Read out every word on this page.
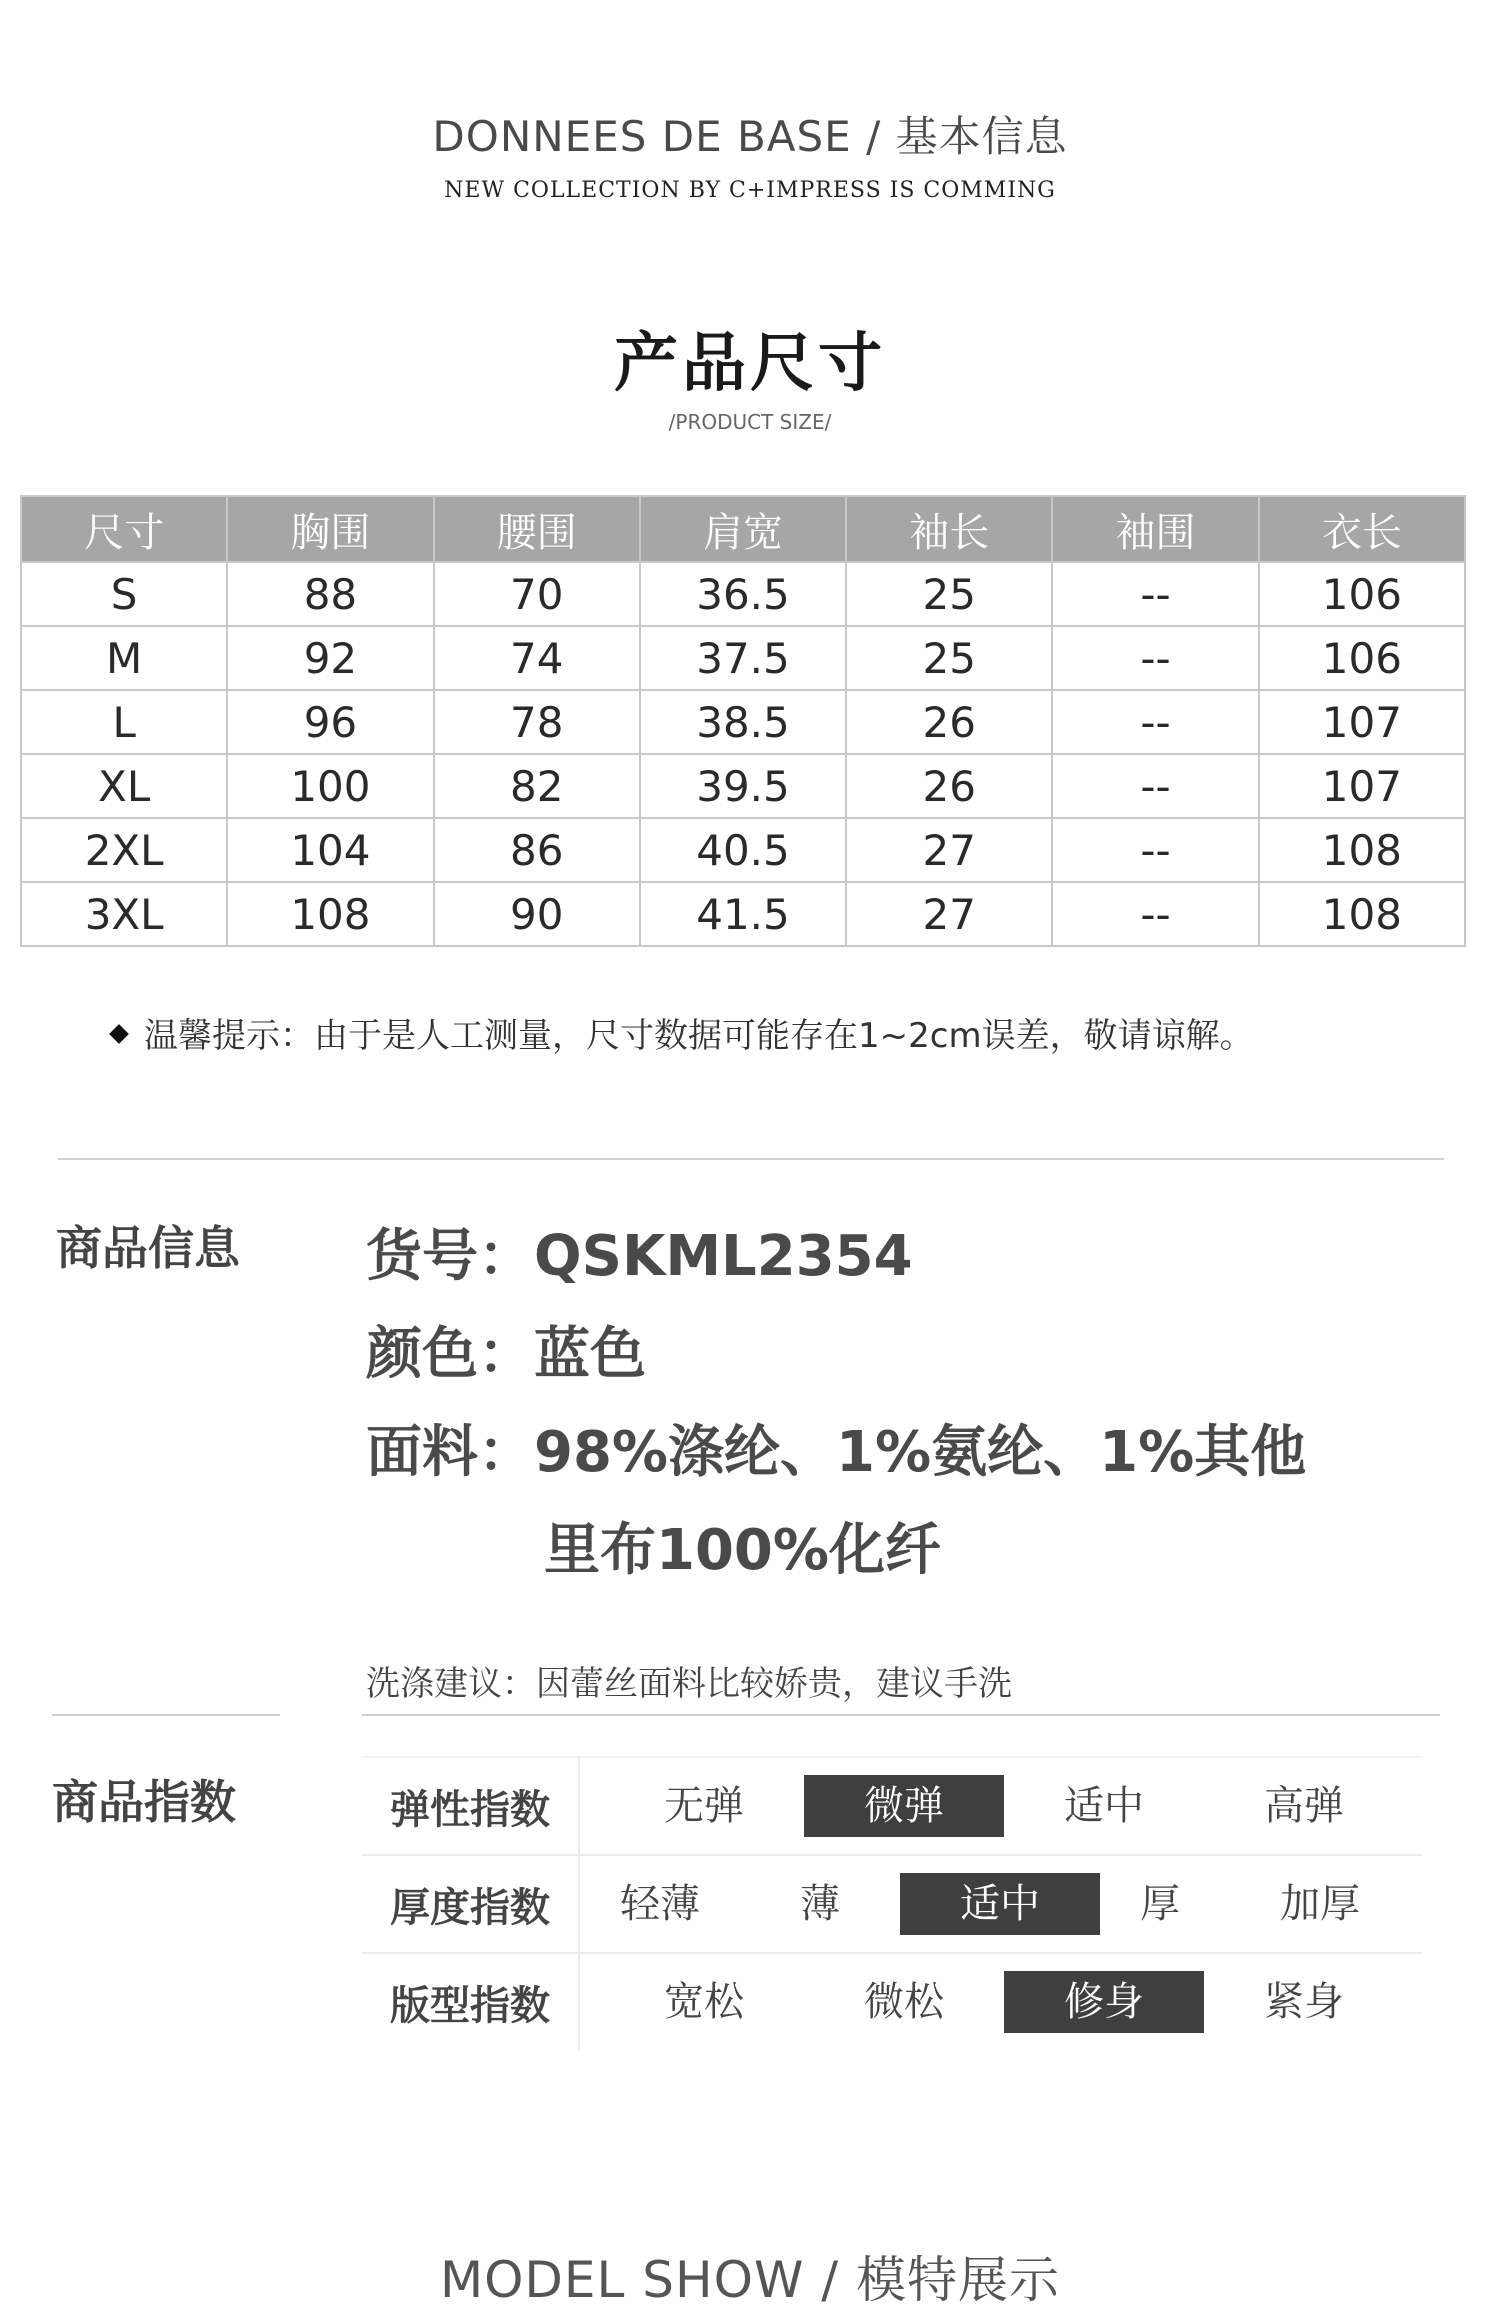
DONNEES DE BASE / 基本信息
NEW COLLECTION BY C+IMPRESS IS COMMING
产品尺寸
/PRODUCT SIZE/
尺寸	胸围	腰围	肩宽	袖长	袖围	衣长
S	88	70	36.5	25	--	106
M	92	74	37.5	25	--	106
L	96	78	38.5	26	--	107
XL	100	82	39.5	26	--	107
2XL	104	86	40.5	27	--	108
3XL	108	90	41.5	27	--	108
温馨提示：由于是人工测量，尺寸数据可能存在1~2cm误差，敬请谅解。
商品信息 货号：QSKML2354
颜色：蓝色
面料：98%涤纶、1%氨纶、1%其他
里布100%化纤
洗涤建议：因蕾丝面料比较娇贵，建议手洗
商品指数	弹性指数	无弹 微弹 适中 高弹

厚度指数	轻薄 薄 适中 厚 加厚

版型指数	宽松 微松 修身 紧身
MODEL SHOW / 模特展示
